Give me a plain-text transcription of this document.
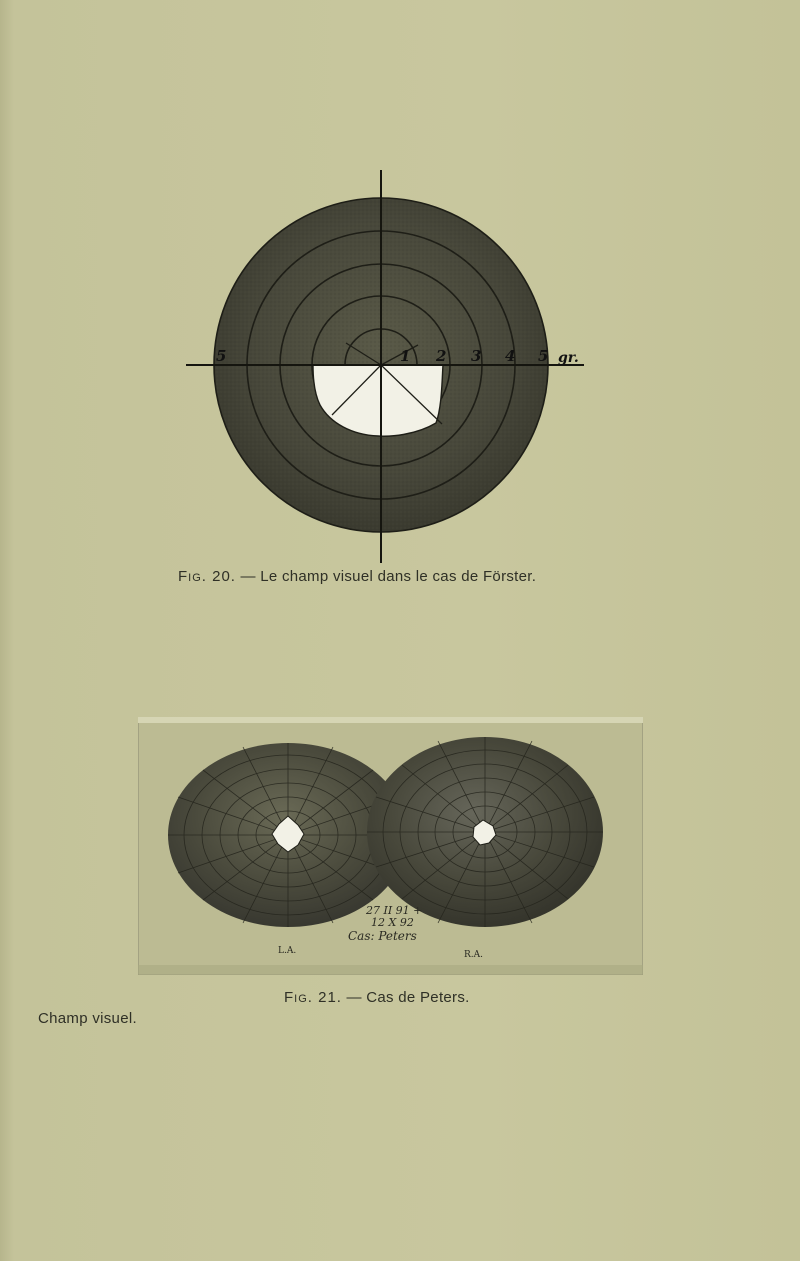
5	1 2 3 4 5 gr.
Fig. 20. — Le champ visuel dans le cas de Förster.
27 II 91 +
12 X 92
Cas: Peters
L.A.	R.A.
Fig. 21. — Cas de Peters.
Champ visuel.
